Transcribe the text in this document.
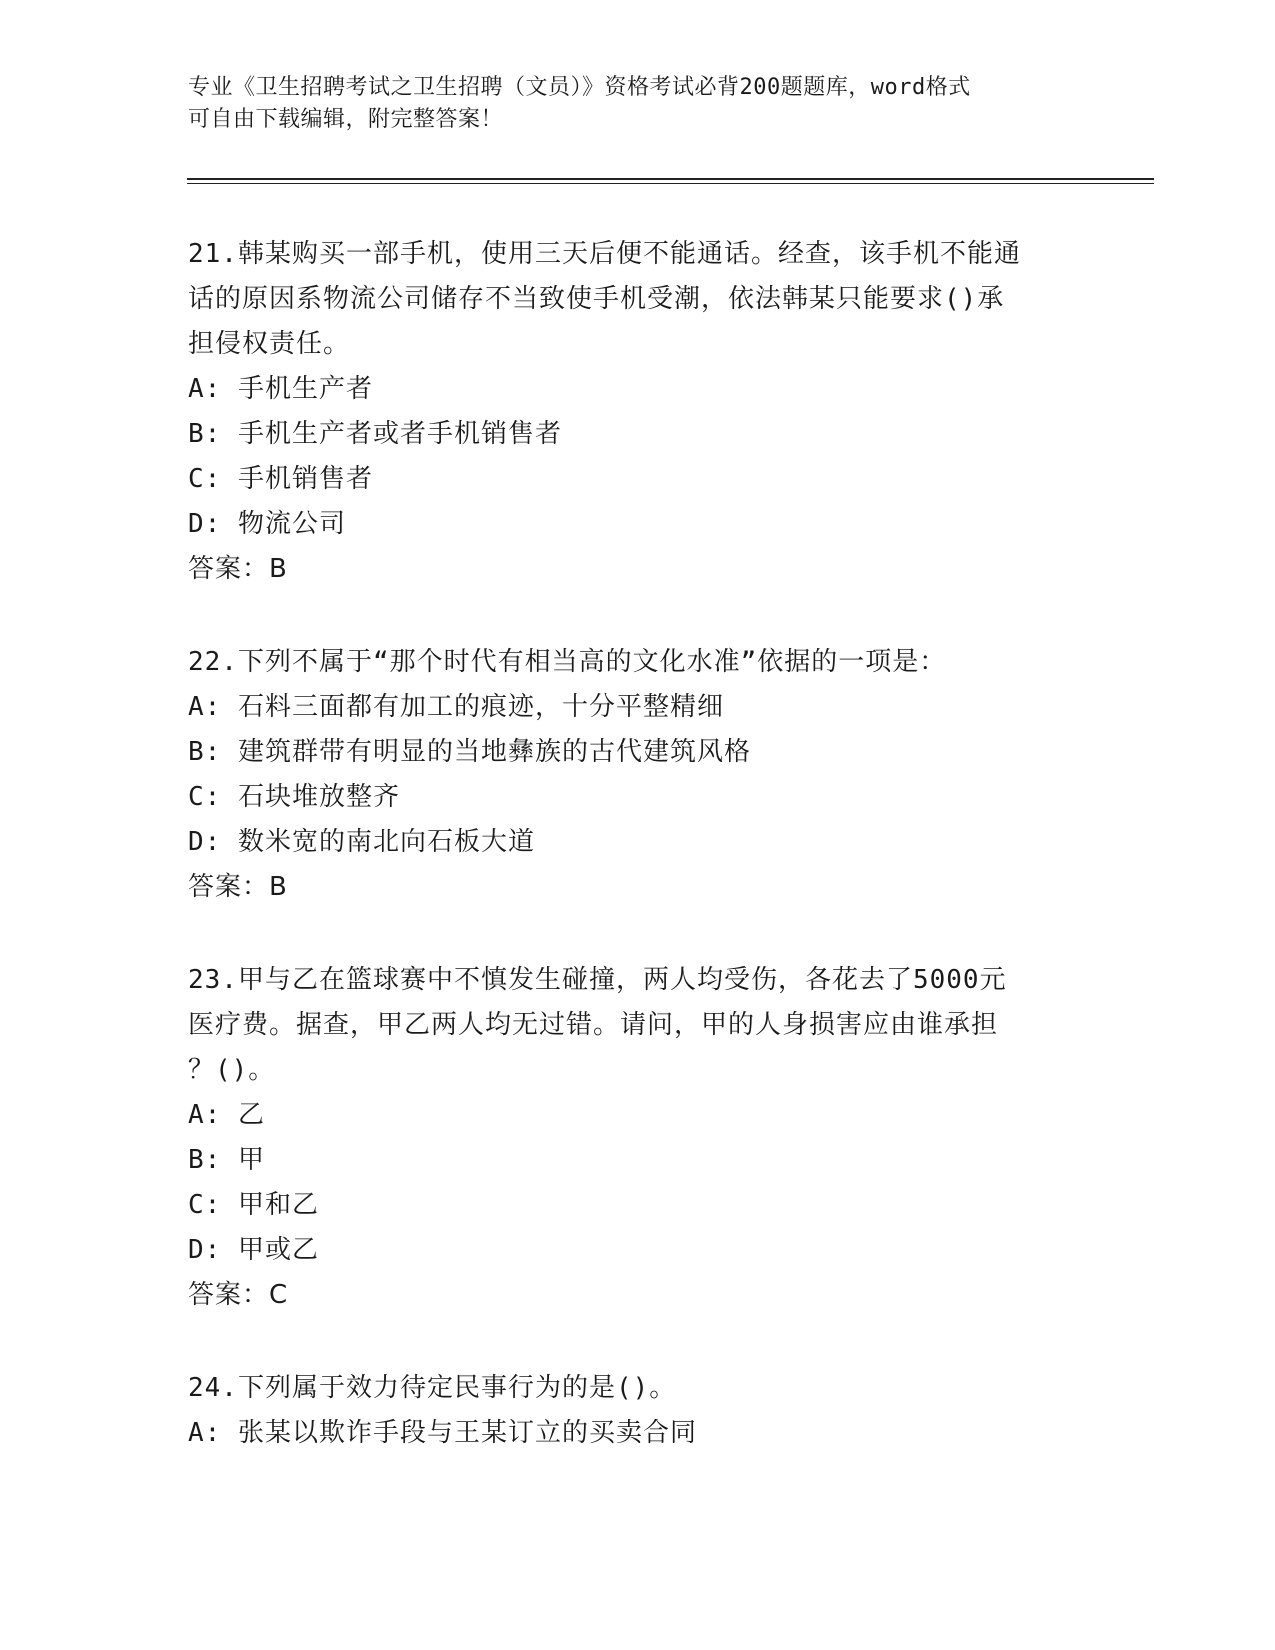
专业《卫生招聘考试之卫生招聘（文员）》资格考试必背200题题库，word格式
可自由下载编辑，附完整答案！
21.韩某购买一部手机，使用三天后便不能通话。经查，该手机不能通
话的原因系物流公司储存不当致使手机受潮，依法韩某只能要求()承
担侵权责任。
A: 手机生产者
B: 手机生产者或者手机销售者
C: 手机销售者
D: 物流公司
答案：B
22.下列不属于“那个时代有相当高的文化水准”依据的一项是：
A: 石料三面都有加工的痕迹，十分平整精细
B: 建筑群带有明显的当地彝族的古代建筑风格
C: 石块堆放整齐
D: 数米宽的南北向石板大道
答案：B
23.甲与乙在篮球赛中不慎发生碰撞，两人均受伤，各花去了5000元
医疗费。据查，甲乙两人均无过错。请问，甲的人身损害应由谁承担
？()。
A: 乙
B: 甲
C: 甲和乙
D: 甲或乙
答案：C
24.下列属于效力待定民事行为的是()。
A: 张某以欺诈手段与王某订立的买卖合同
